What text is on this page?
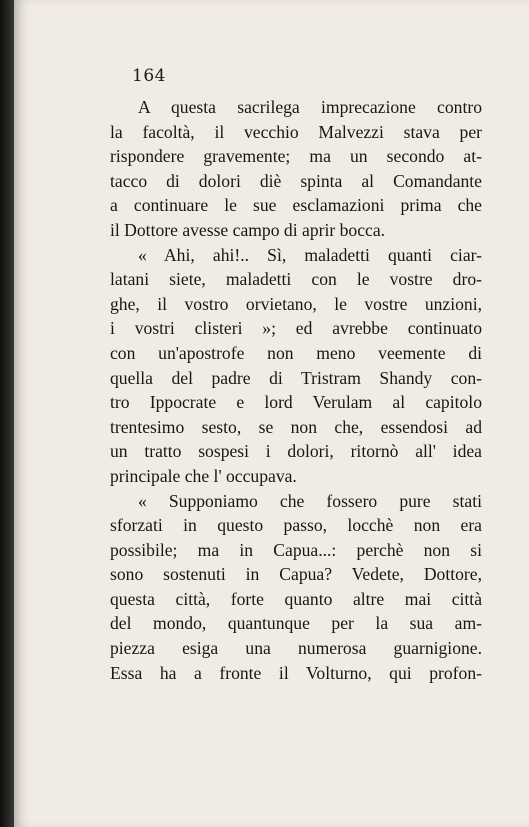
164
A questa sacrilega imprecazione contro
la facoltà, il vecchio Malvezzi stava per
rispondere gravemente; ma un secondo at-
tacco di dolori diè spinta al Comandante
a continuare le sue esclamazioni prima che
il Dottore avesse campo di aprir bocca.
« Ahi, ahi!.. Sì, maladetti quanti ciar-
latani siete, maladetti con le vostre dro-
ghe, il vostro orvietano, le vostre unzioni,
i vostri clisteri »; ed avrebbe continuato
con un'apostrofe non meno veemente di
quella del padre di Tristram Shandy con-
tro Ippocrate e lord Verulam al capitolo
trentesimo sesto, se non che, essendosi ad
un tratto sospesi i dolori, ritornò all' idea
principale che l' occupava.
« Supponiamo che fossero pure stati
sforzati in questo passo, locchè non era
possibile; ma in Capua...: perchè non si
sono sostenuti in Capua? Vedete, Dottore,
questa città, forte quanto altre mai città
del mondo, quantunque per la sua am-
piezza esiga una numerosa guarnigione.
Essa ha a fronte il Volturno, qui profon-
